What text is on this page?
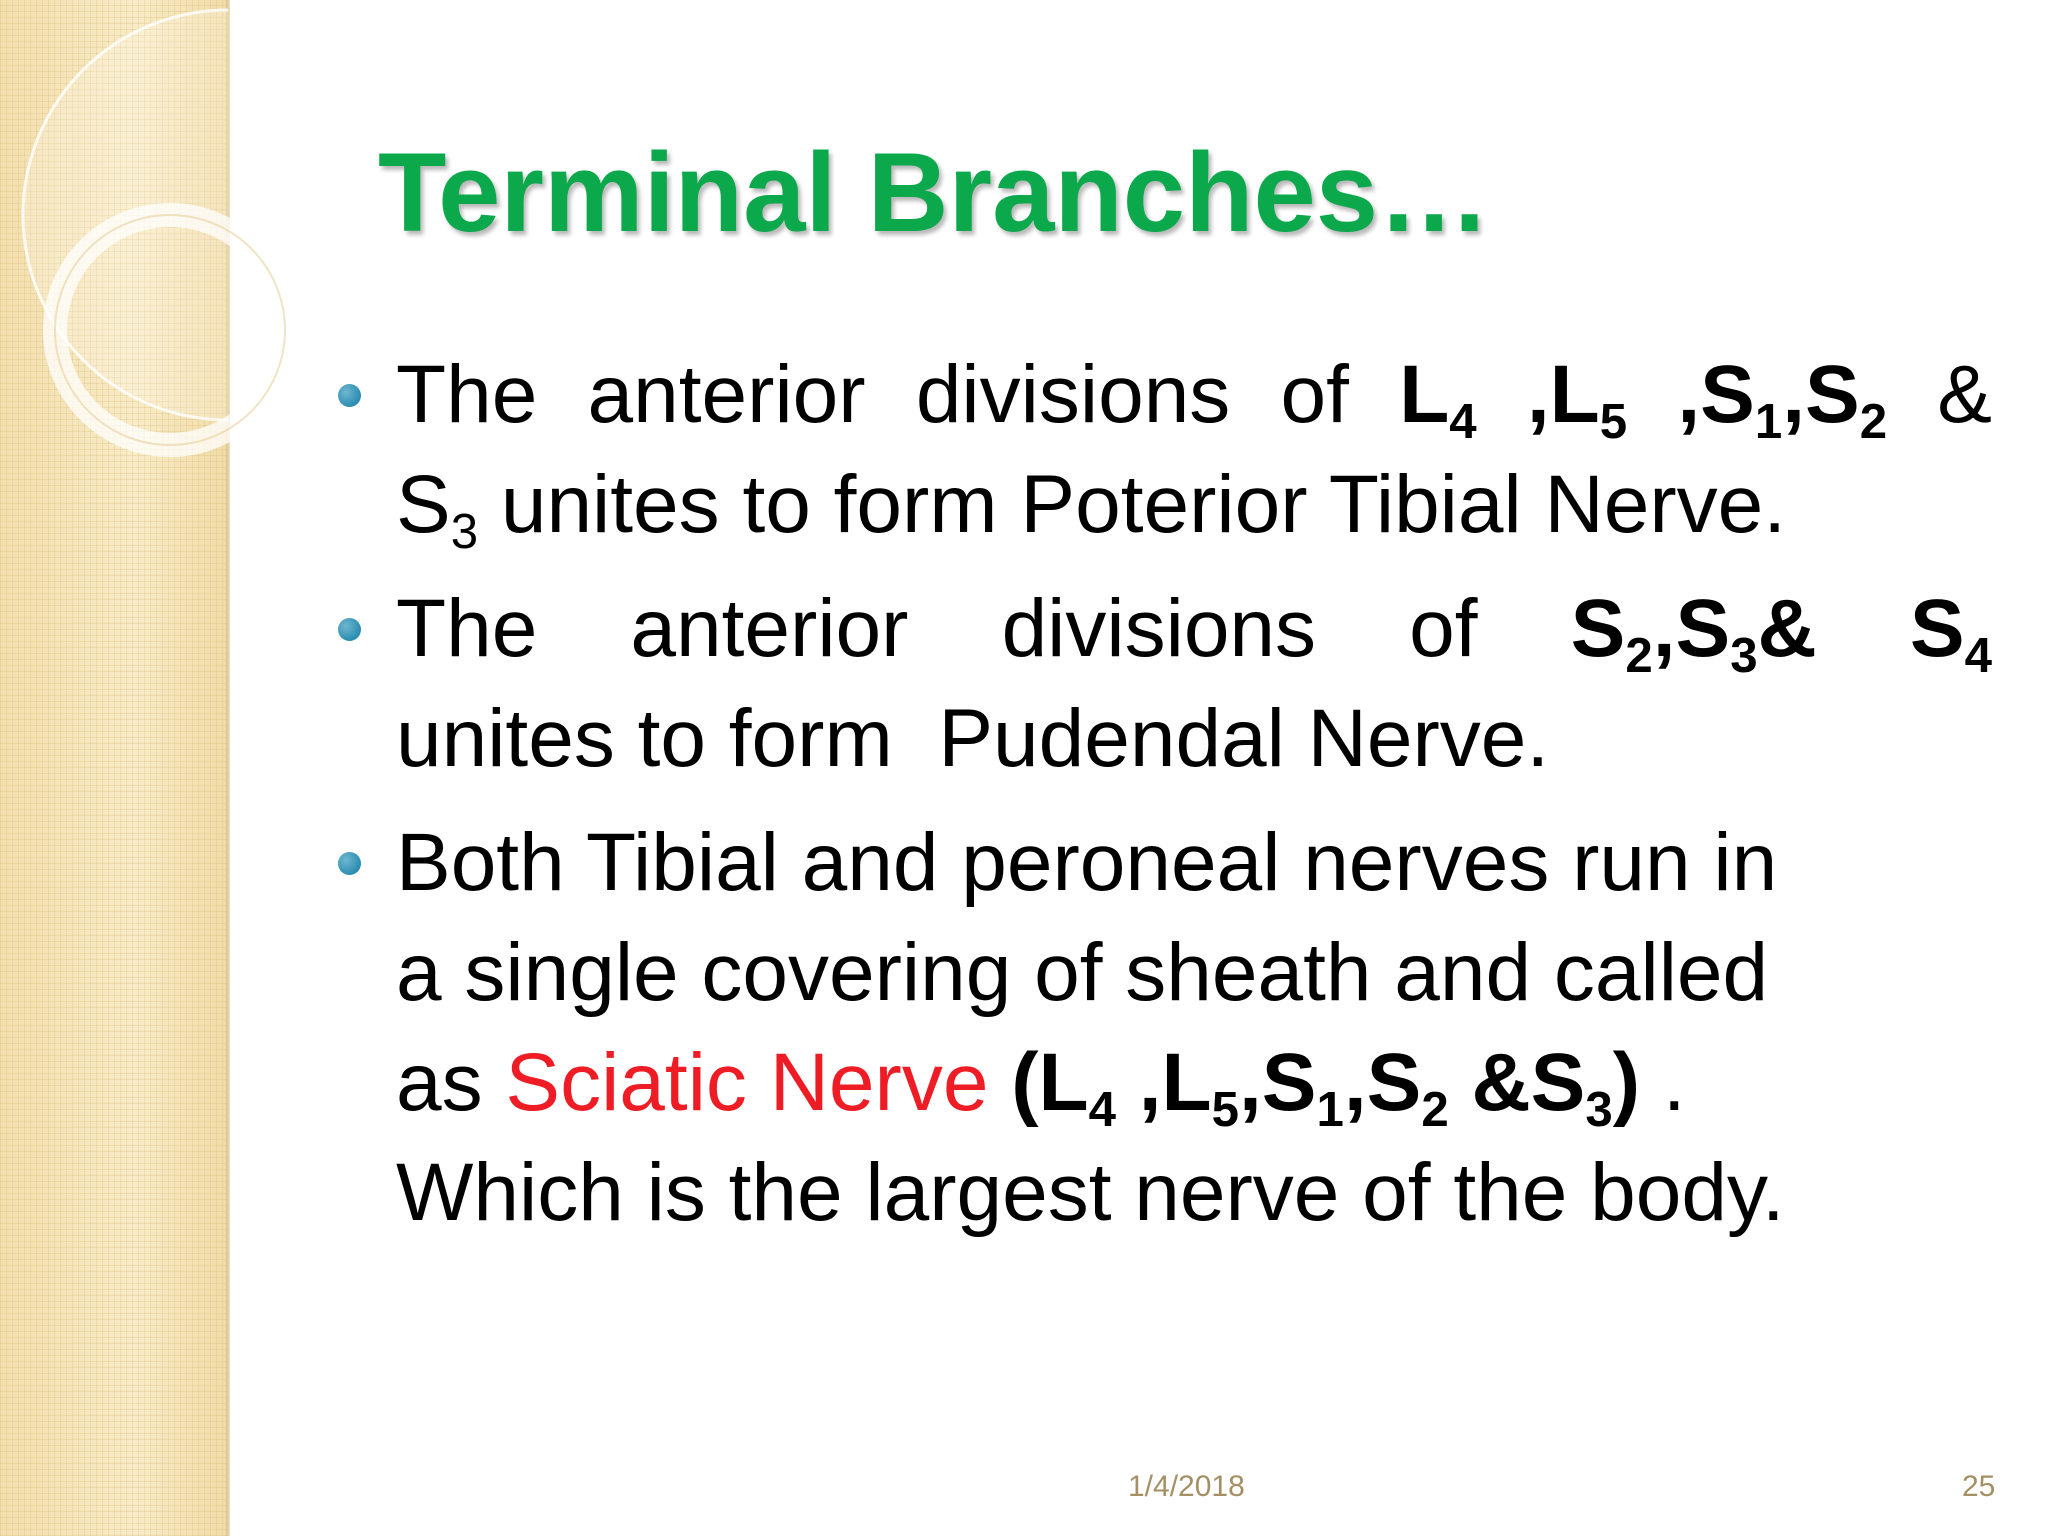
Terminal Branches…
The anterior divisions of $L_4$ $,L_5$ $,S_1,S_2$ &
$S_3$ unites to form Poterior Tibial Nerve.
The anterior divisions of $S_2,S_3\&$ $S_4$
unites to form  Pudendal Nerve.
Both Tibial and peroneal nerves run in
a single covering of sheath and called
as Sciatic Nerve ($L_4$ $,L_5,S_1,S_2$ $\&S_3$) .
Which is the largest nerve of the body.
1/4/2018	25
